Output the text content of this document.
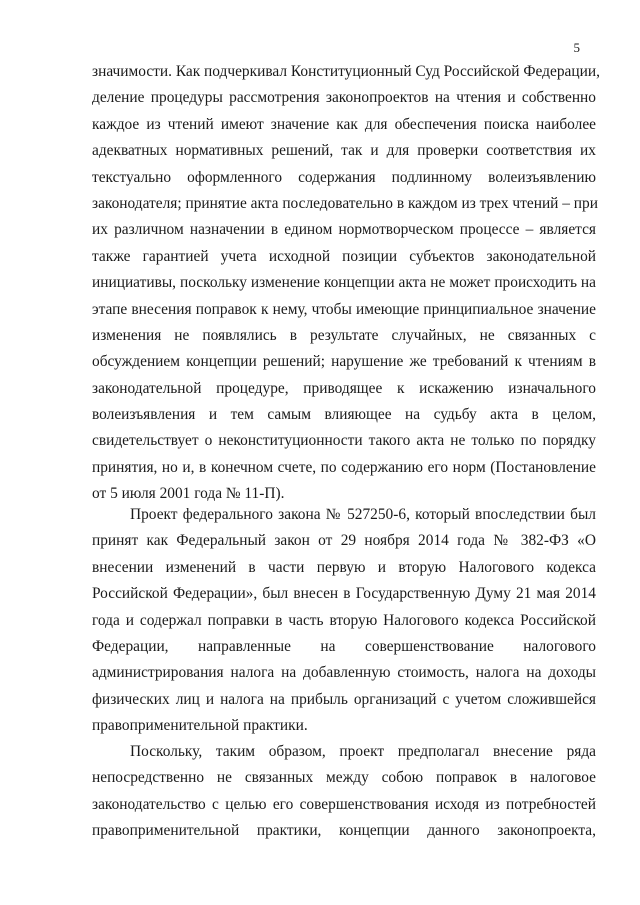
5
значимости. Как подчеркивал Конституционный Суд Российской Федерации,
деление процедуры рассмотрения законопроектов на чтения и собственно
каждое из чтений имеют значение как для обеспечения поиска наиболее
адекватных нормативных решений, так и для проверки соответствия их
текстуально оформленного содержания подлинному волеизъявлению
законодателя; принятие акта последовательно в каждом из трех чтений – при
их различном назначении в едином нормотворческом процессе – является
также гарантией учета исходной позиции субъектов законодательной
инициативы, поскольку изменение концепции акта не может происходить на
этапе внесения поправок к нему, чтобы имеющие принципиальное значение
изменения не появлялись в результате случайных, не связанных с
обсуждением концепции решений; нарушение же требований к чтениям в
законодательной процедуре, приводящее к искажению изначального
волеизъявления и тем самым влияющее на судьбу акта в целом,
свидетельствует о неконституционности такого акта не только по порядку
принятия, но и, в конечном счете, по содержанию его норм (Постановление
от 5 июля 2001 года № 11-П).
Проект федерального закона № 527250-6, который впоследствии был
принят как Федеральный закон от 29 ноября 2014 года № 382-ФЗ «О
внесении изменений в части первую и вторую Налогового кодекса
Российской Федерации», был внесен в Государственную Думу 21 мая 2014
года и содержал поправки в часть вторую Налогового кодекса Российской
Федерации, направленные на совершенствование налогового
администрирования налога на добавленную стоимость, налога на доходы
физических лиц и налога на прибыль организаций с учетом сложившейся
правоприменительной практики.
Поскольку, таким образом, проект предполагал внесение ряда
непосредственно не связанных между собою поправок в налоговое
законодательство с целью его совершенствования исходя из потребностей
правоприменительной практики, концепции данного законопроекта,
